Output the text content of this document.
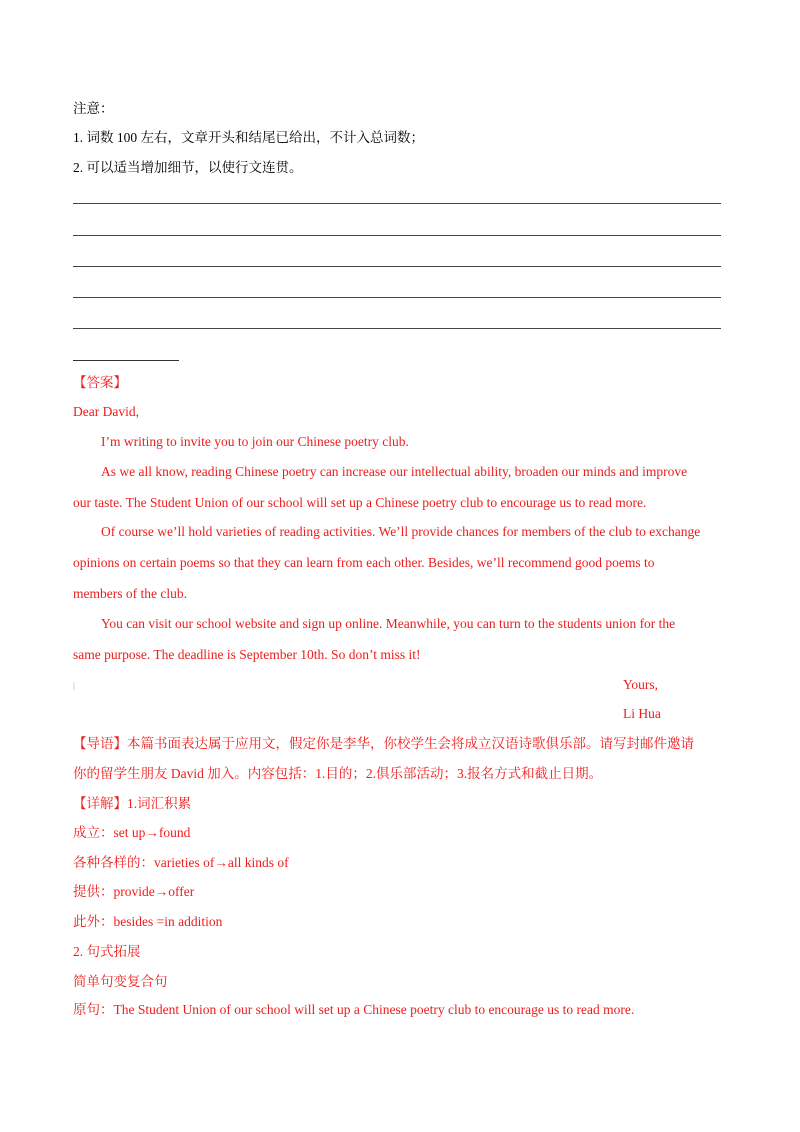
注意：
1. 词数 100 左右，文章开头和结尾已给出，不计入总词数；
2. 可以适当增加细节，以使行文连贯。
【答案】
Dear David,
I’m writing to invite you to join our Chinese poetry club.
As we all know, reading Chinese poetry can increase our intellectual ability, broaden our minds and improve
our taste. The Student Union of our school will set up a Chinese poetry club to encourage us to read more.
Of course we’ll hold varieties of reading activities. We’ll provide chances for members of the club to exchange
opinions on certain poems so that they can learn from each other. Besides, we’ll recommend good poems to
members of the club.
You can visit our school website and sign up online. Meanwhile, you can turn to the students union for the
same purpose. The deadline is September 10th. So don’t miss it!
Yours,
Li Hua
【导语】本篇书面表达属于应用文，假定你是李华，你校学生会将成立汉语诗歌俱乐部。请写封邮件邀请
你的留学生朋友 David 加入。内容包括：1.目的；2.俱乐部活动；3.报名方式和截止日期。
【详解】1.词汇积累
成立：set up→found
各种各样的：varieties of→all kinds of
提供：provide→offer
此外：besides =in addition
2. 句式拓展
简单句变复合句
原句：The Student Union of our school will set up a Chinese poetry club to encourage us to read more.
